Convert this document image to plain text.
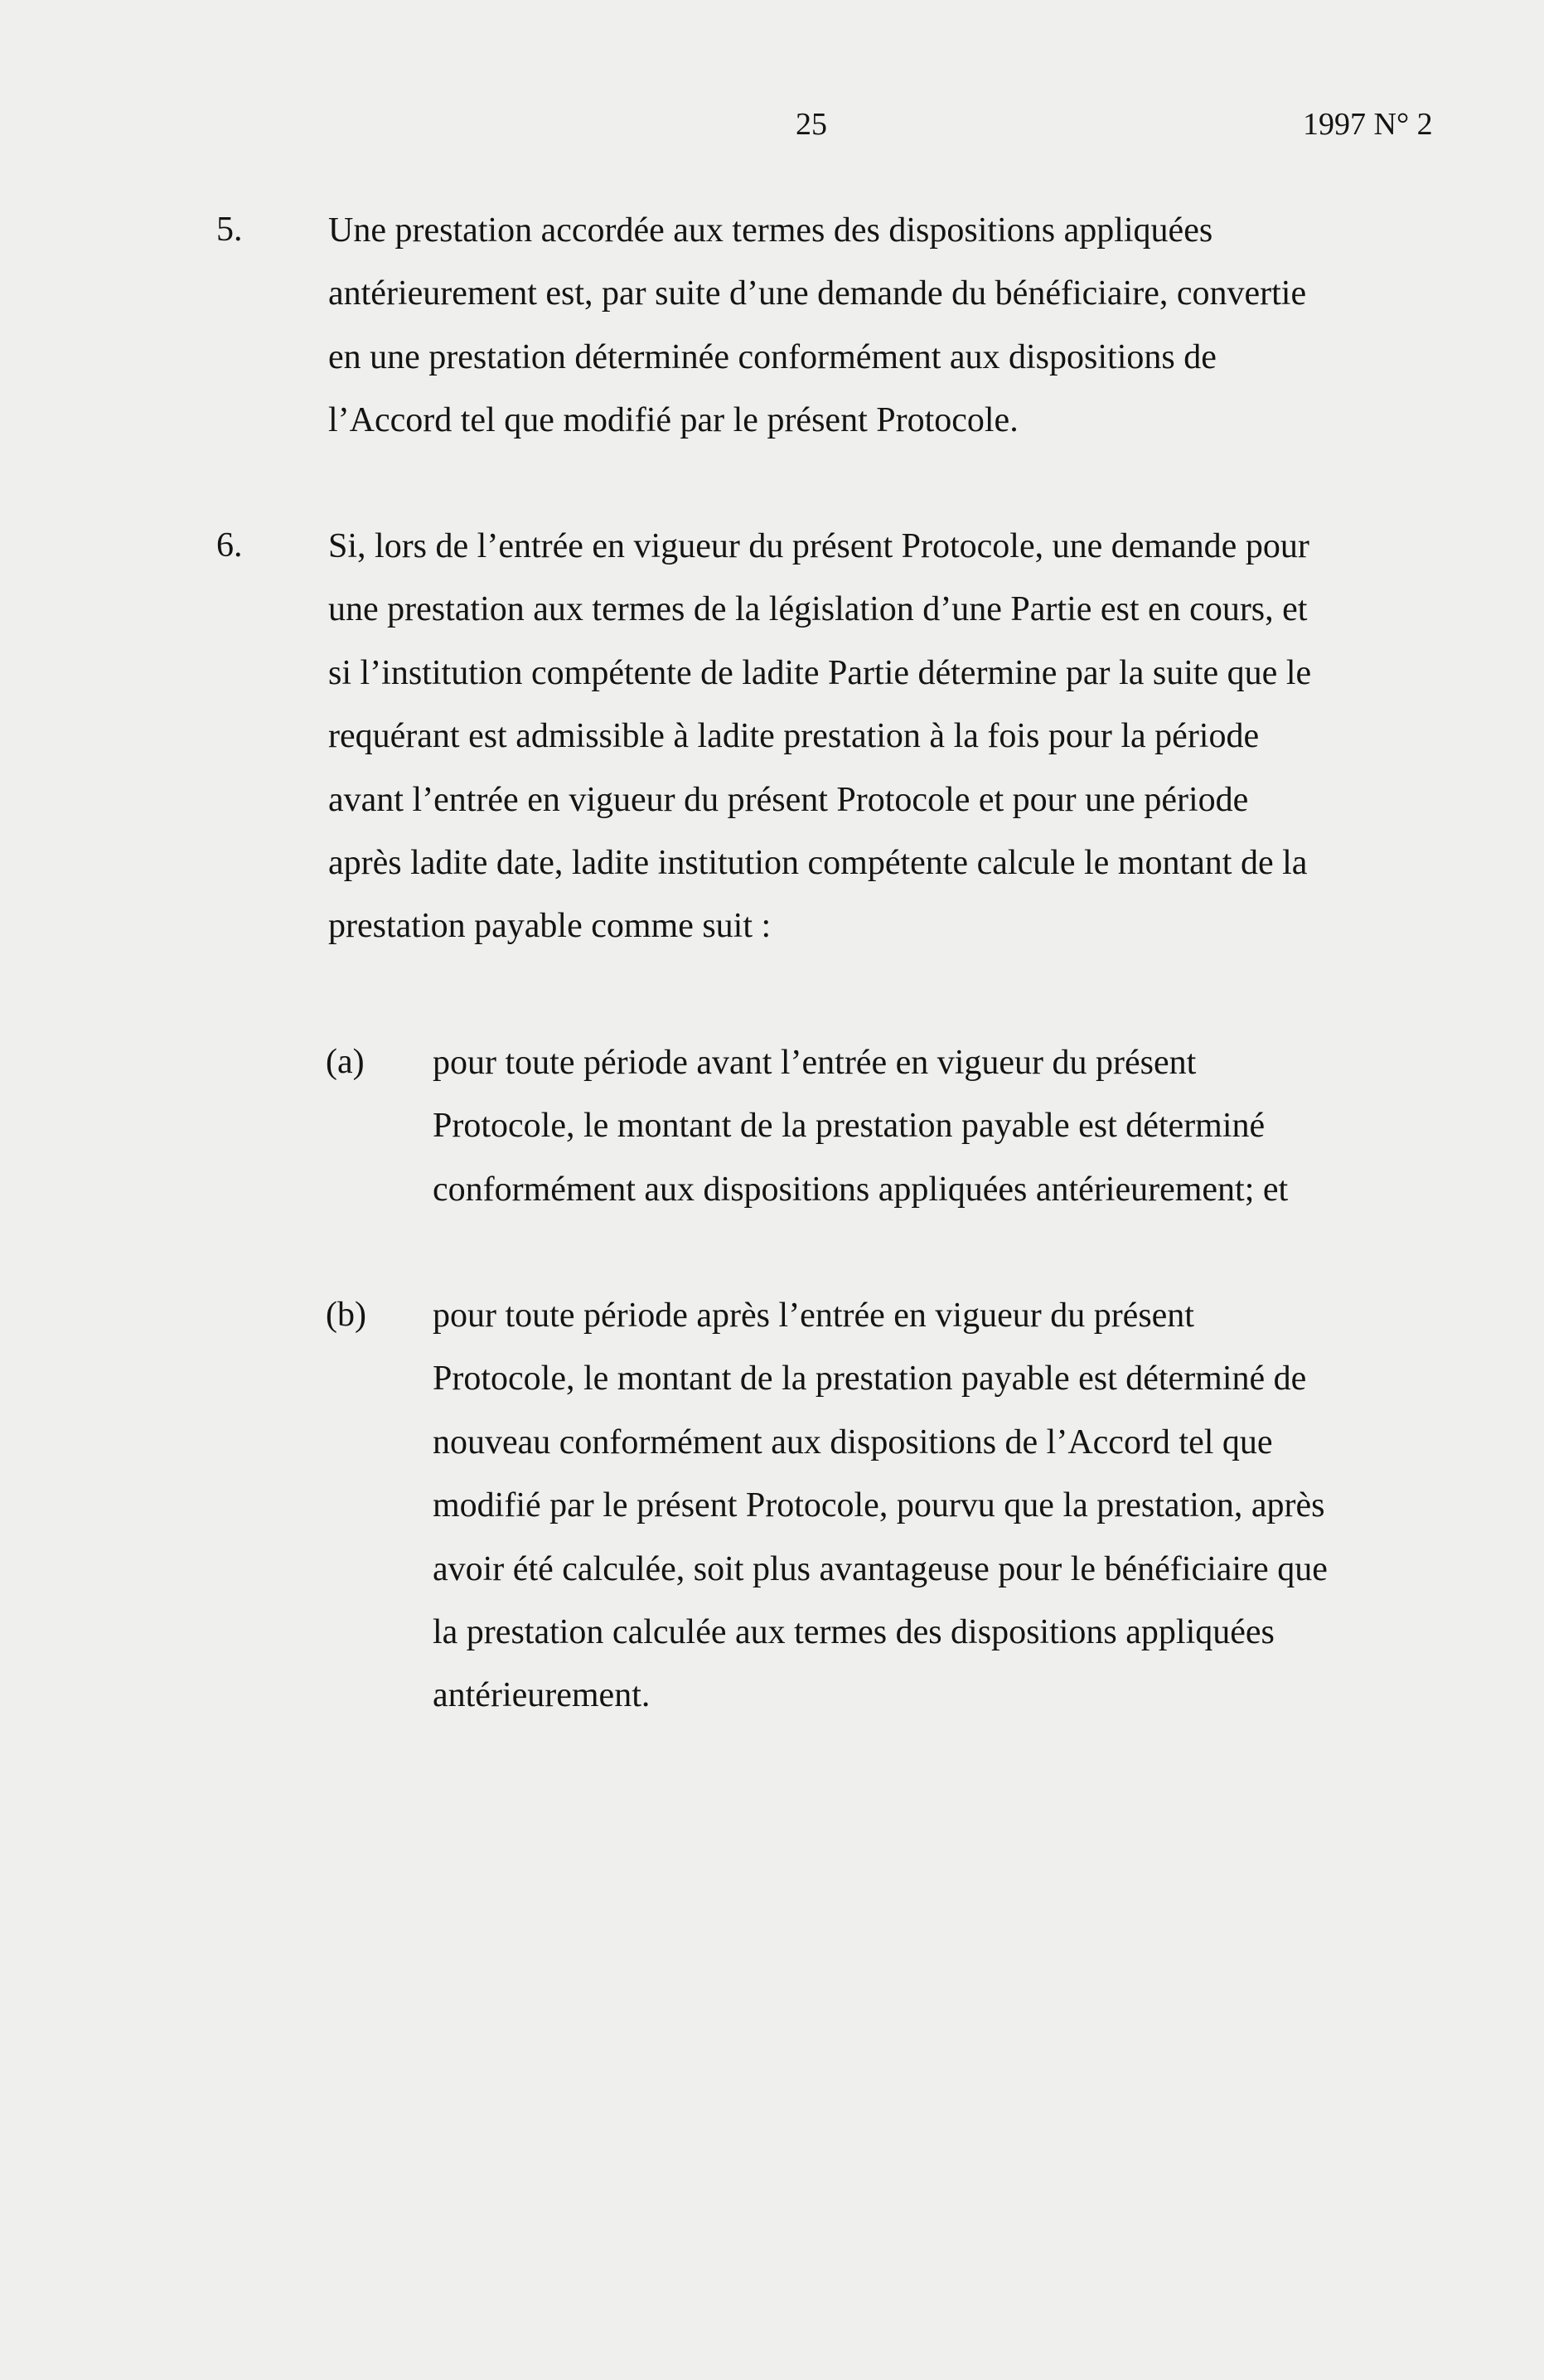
25	1997 N° 2
5. Une prestation accordée aux termes des dispositions appliquées
antérieurement est, par suite d’une demande du bénéficiaire, convertie
en une prestation déterminée conformément aux dispositions de
l’Accord tel que modifié par le présent Protocole.
6. Si, lors de l’entrée en vigueur du présent Protocole, une demande pour
une prestation aux termes de la législation d’une Partie est en cours, et
si l’institution compétente de ladite Partie détermine par la suite que le
requérant est admissible à ladite prestation à la fois pour la période
avant l’entrée en vigueur du présent Protocole et pour une période
après ladite date, ladite institution compétente calcule le montant de la
prestation payable comme suit :
(a) pour toute période avant l’entrée en vigueur du présent
Protocole, le montant de la prestation payable est déterminé
conformément aux dispositions appliquées antérieurement; et
(b) pour toute période après l’entrée en vigueur du présent
Protocole, le montant de la prestation payable est déterminé de
nouveau conformément aux dispositions de l’Accord tel que
modifié par le présent Protocole, pourvu que la prestation, après
avoir été calculée, soit plus avantageuse pour le bénéficiaire que
la prestation calculée aux termes des dispositions appliquées
antérieurement.
